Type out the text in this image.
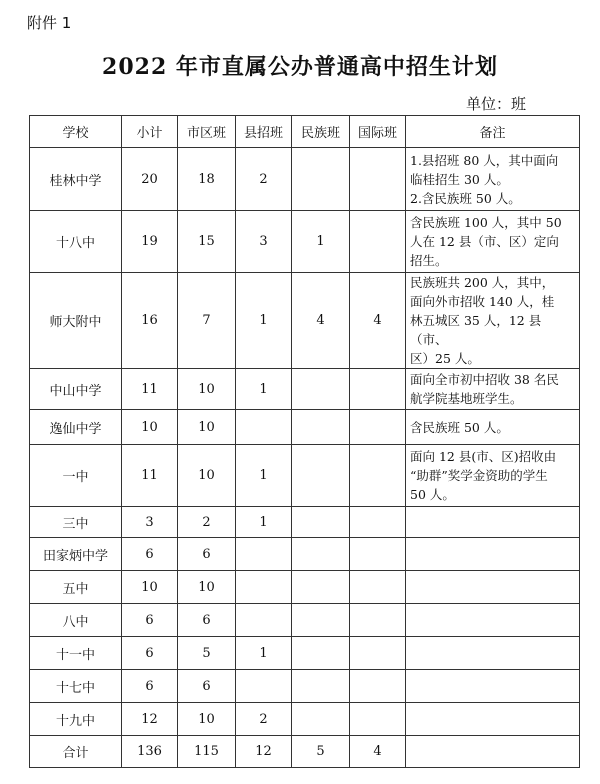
附件 1
2022 年市直属公办普通高中招生计划
单位：班
学校	小计	市区班	县招班	民族班	国际班	备注
桂林中学	20	18	2			1.县招班 80 人，其中面向
临桂招生 30 人。
2.含民族班 50 人。

十八中	19	15	3	1		含民族班 100 人，其中 50
人在 12 县（市、区）定向
招生。

师大附中	16	7	1	4	4	民族班共 200 人，其中，
面向外市招收 140 人，桂
林五城区 35 人，12 县（市、
区）25 人。

中山中学	11	10	1			面向全市初中招收 38 名民
航学院基地班学生。

逸仙中学	10	10				含民族班 50 人。

一中	11	10	1			面向 12 县(市、区)招收由
“助群”奖学金资助的学生
50 人。

三中	3	2	1			
田家炳中学	6	6				
五中	10	10				
八中	6	6				
十一中	6	5	1			
十七中	6	6				
十九中	12	10	2			
合计	136	115	12	5	4	
